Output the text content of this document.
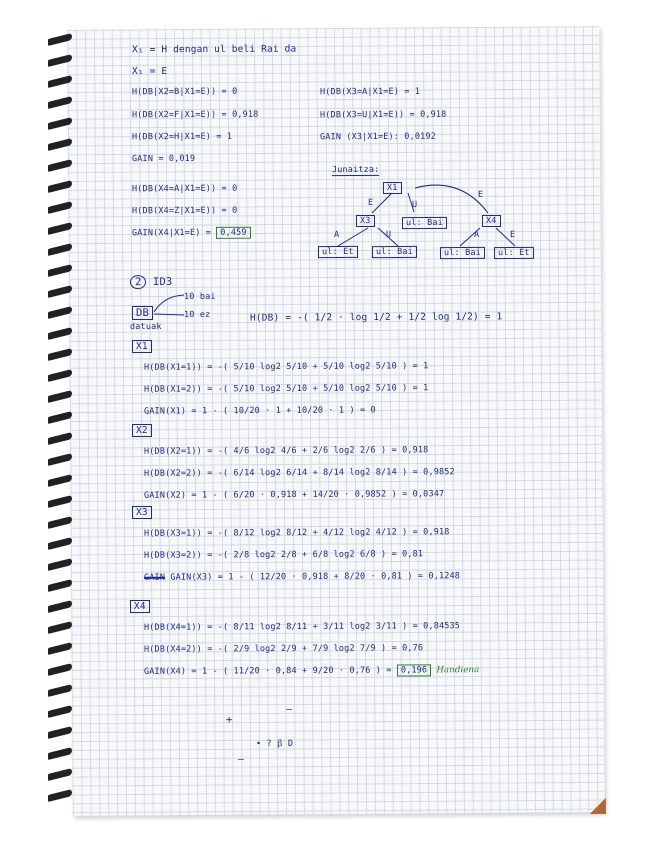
X₁ = H dengan ul beli Rai da
X₁ = E
H(DB|X2=B|X1=E)) = 0	H(DB(X3=A|X1=E) = 1
H(DB(X2=F|X1=E)) = 0,918	H(DB(X3=U|X1=E)) = 0,918
H(DB(X2=H|X1=E) = 1	GAIN (X3|X1=E): 0,0192
GAIN = 0,019
H(DB(X4=A|X1=E)) = 0
H(DB(X4=Z|X1=E)) = 0
GAIN(X4|X1=E) = 0,459
Junaitza:
X1
E	U
E
X3	ul: Bai	X4
A	U	A	E
ul: Et	ul: Bai	ul: Bai	ul: Et
2 ID3
DB
datuak
10 bai
10 ez	H(DB) = -( 1/2 · log 1/2 + 1/2 log 1/2) = 1
X1
H(DB(X1=1)) = -( 5/10 log2 5/10 + 5/10 log2 5/10 ) = 1
H(DB(X1=2)) = -( 5/10 log2 5/10 + 5/10 log2 5/10 ) = 1
GAIN(X1) = 1 - ( 10/20 · 1 + 10/20 · 1 ) = 0
X2
H(DB(X2=1)) = -( 4/6 log2 4/6 + 2/6 log2 2/6 ) = 0,918
H(DB(X2=2)) = -( 6/14 log2 6/14 + 8/14 log2 8/14 ) = 0,9852
GAIN(X2) = 1 - ( 6/20 · 0,918 + 14/20 · 0,9852 ) = 0,0347
X3
H(DB(X3=1)) = -( 8/12 log2 8/12 + 4/12 log2 4/12 ) = 0,918
H(DB(X3=2)) = -( 2/8 log2 2/8 + 6/8 log2 6/8 ) = 0,81
GAIN GAIN(X3) = 1 - ( 12/20 · 0,918 + 8/20 · 0,81 ) = 0,1248
X4
H(DB(X4=1)) = -( 8/11 log2 8/11 + 3/11 log2 3/11 ) = 0,84535
H(DB(X4=2)) = -( 2/9 log2 2/9 + 7/9 log2 7/9 ) = 0,76
GAIN(X4) = 1 - ( 11/20 · 0,84 + 9/20 · 0,76 ) = 0,196 Handiena
+
—
• ? ꞵ D
—
